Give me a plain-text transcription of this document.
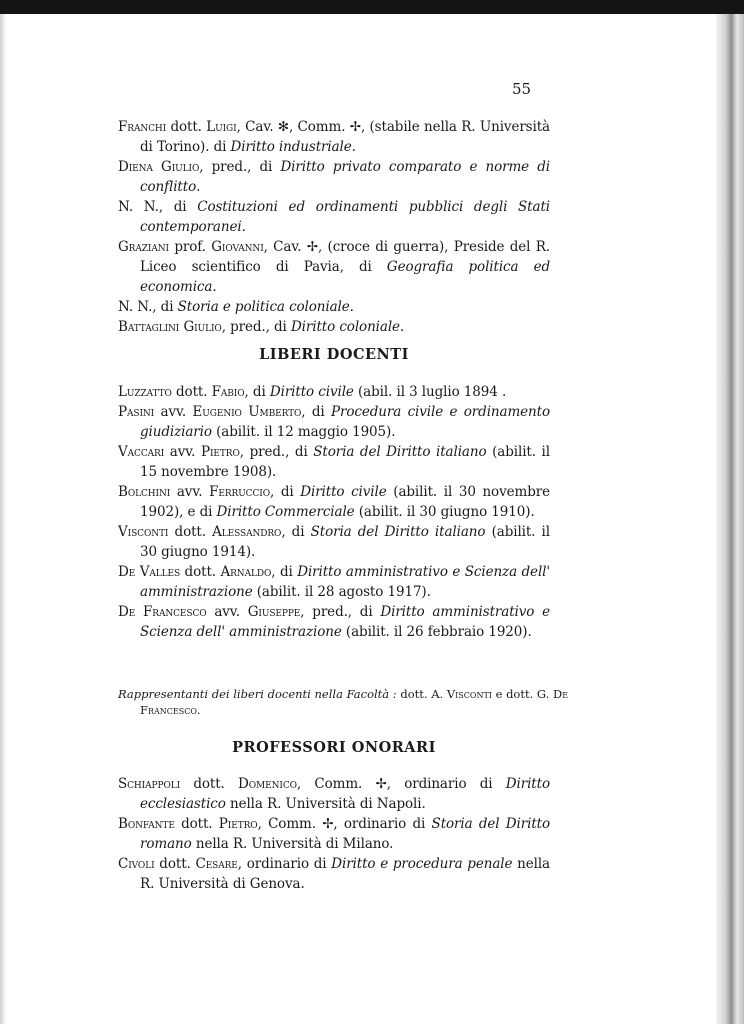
55

Franchi dott. Luigi, Cav. ✻, Comm. ✢, (stabile nella R. Università di Torino). di Diritto industriale.

Diena Giulio, pred., di Diritto privato comparato e norme di conflitto.

N. N., di Costituzioni ed ordinamenti pubblici degli Stati contemporanei.

Graziani prof. Giovanni, Cav. ✢, (croce di guerra), Preside del R. Liceo scientifico di Pavia, di Geografia politica ed economica.

N. N., di Storia e politica coloniale.

Battaglini Giulio, pred., di Diritto coloniale.

LIBERI DOCENTI

Luzzatto dott. Fabio, di Diritto civile (abil. il 3 luglio 1894 .

Pasini avv. Eugenio Umberto, di Procedura civile e ordinamento giudiziario (abilit. il 12 maggio 1905).

Vaccari avv. Pietro, pred., di Storia del Diritto italiano (abilit. il 15 novembre 1908).

Bolchini avv. Ferruccio, di Diritto civile (abilit. il 30 novembre 1902), e di Diritto Commerciale (abilit. il 30 giugno 1910).

Visconti dott. Alessandro, di Storia del Diritto italiano (abilit. il 30 giugno 1914).

De Valles dott. Arnaldo, di Diritto amministrativo e Scienza dell' amministrazione (abilit. il 28 agosto 1917).

De Francesco avv. Giuseppe, pred., di Diritto amministrativo e Scienza dell' amministrazione (abilit. il 26 febbraio 1920).

Rappresentanti dei liberi docenti nella Facoltà : dott. A. Visconti e dott. G. De Francesco.

PROFESSORI ONORARI

Schiappoli dott. Domenico, Comm. ✢, ordinario di Diritto ecclesiastico nella R. Università di Napoli.

Bonfante dott. Pietro, Comm. ✢, ordinario di Storia del Diritto romano nella R. Università di Milano.

Civoli dott. Cesare, ordinario di Diritto e procedura penale nella R. Università di Genova.
